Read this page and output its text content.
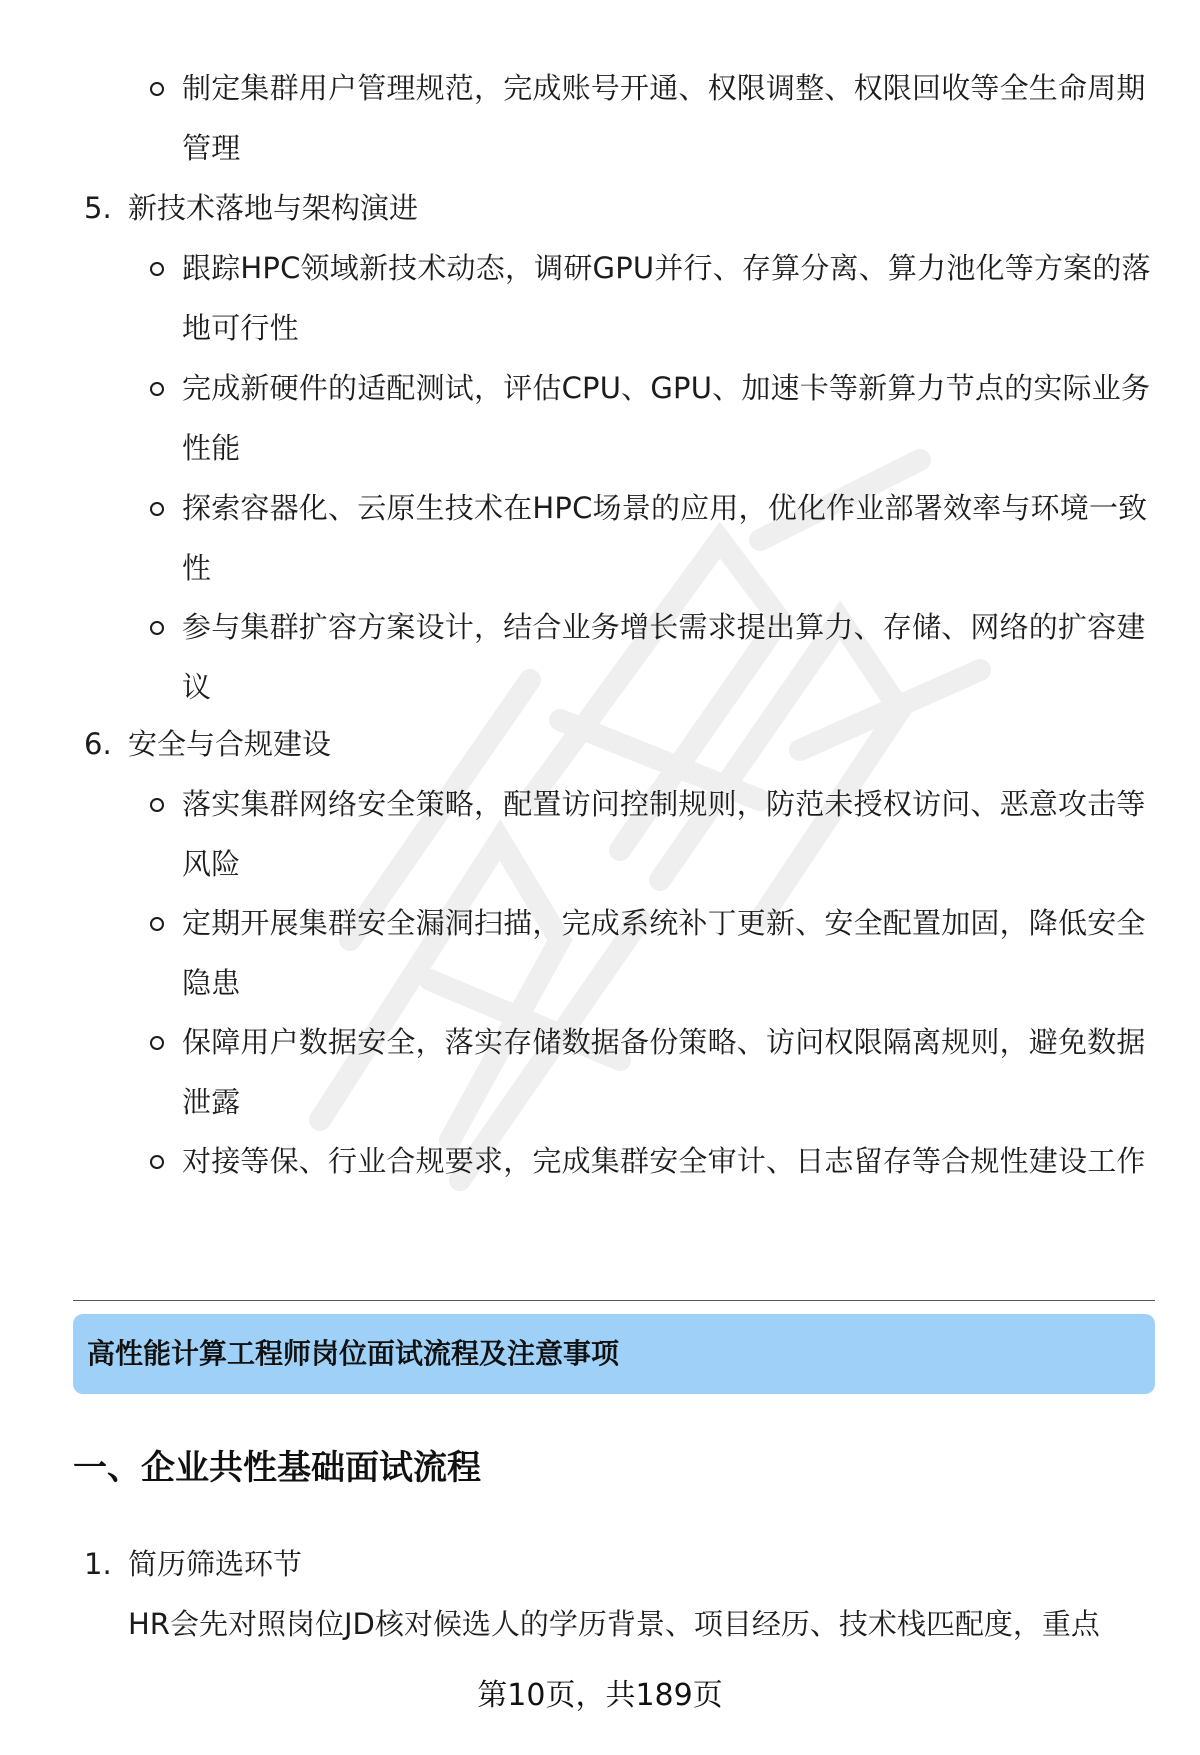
制定集群用户管理规范，完成账号开通、权限调整、权限回收等全生命周期管理
5. 新技术落地与架构演进
跟踪HPC领域新技术动态，调研GPU并行、存算分离、算力池化等方案的落地可行性
完成新硬件的适配测试，评估CPU、GPU、加速卡等新算力节点的实际业务性能
探索容器化、云原生技术在HPC场景的应用，优化作业部署效率与环境一致性
参与集群扩容方案设计，结合业务增长需求提出算力、存储、网络的扩容建议
6. 安全与合规建设
落实集群网络安全策略，配置访问控制规则，防范未授权访问、恶意攻击等风险
定期开展集群安全漏洞扫描，完成系统补丁更新、安全配置加固，降低安全隐患
保障用户数据安全，落实存储数据备份策略、访问权限隔离规则，避免数据泄露
对接等保、行业合规要求，完成集群安全审计、日志留存等合规性建设工作
高性能计算工程师岗位面试流程及注意事项
一、企业共性基础面试流程
1. 简历筛选环节
HR会先对照岗位JD核对候选人的学历背景、项目经历、技术栈匹配度，重点
第10页，共189页
